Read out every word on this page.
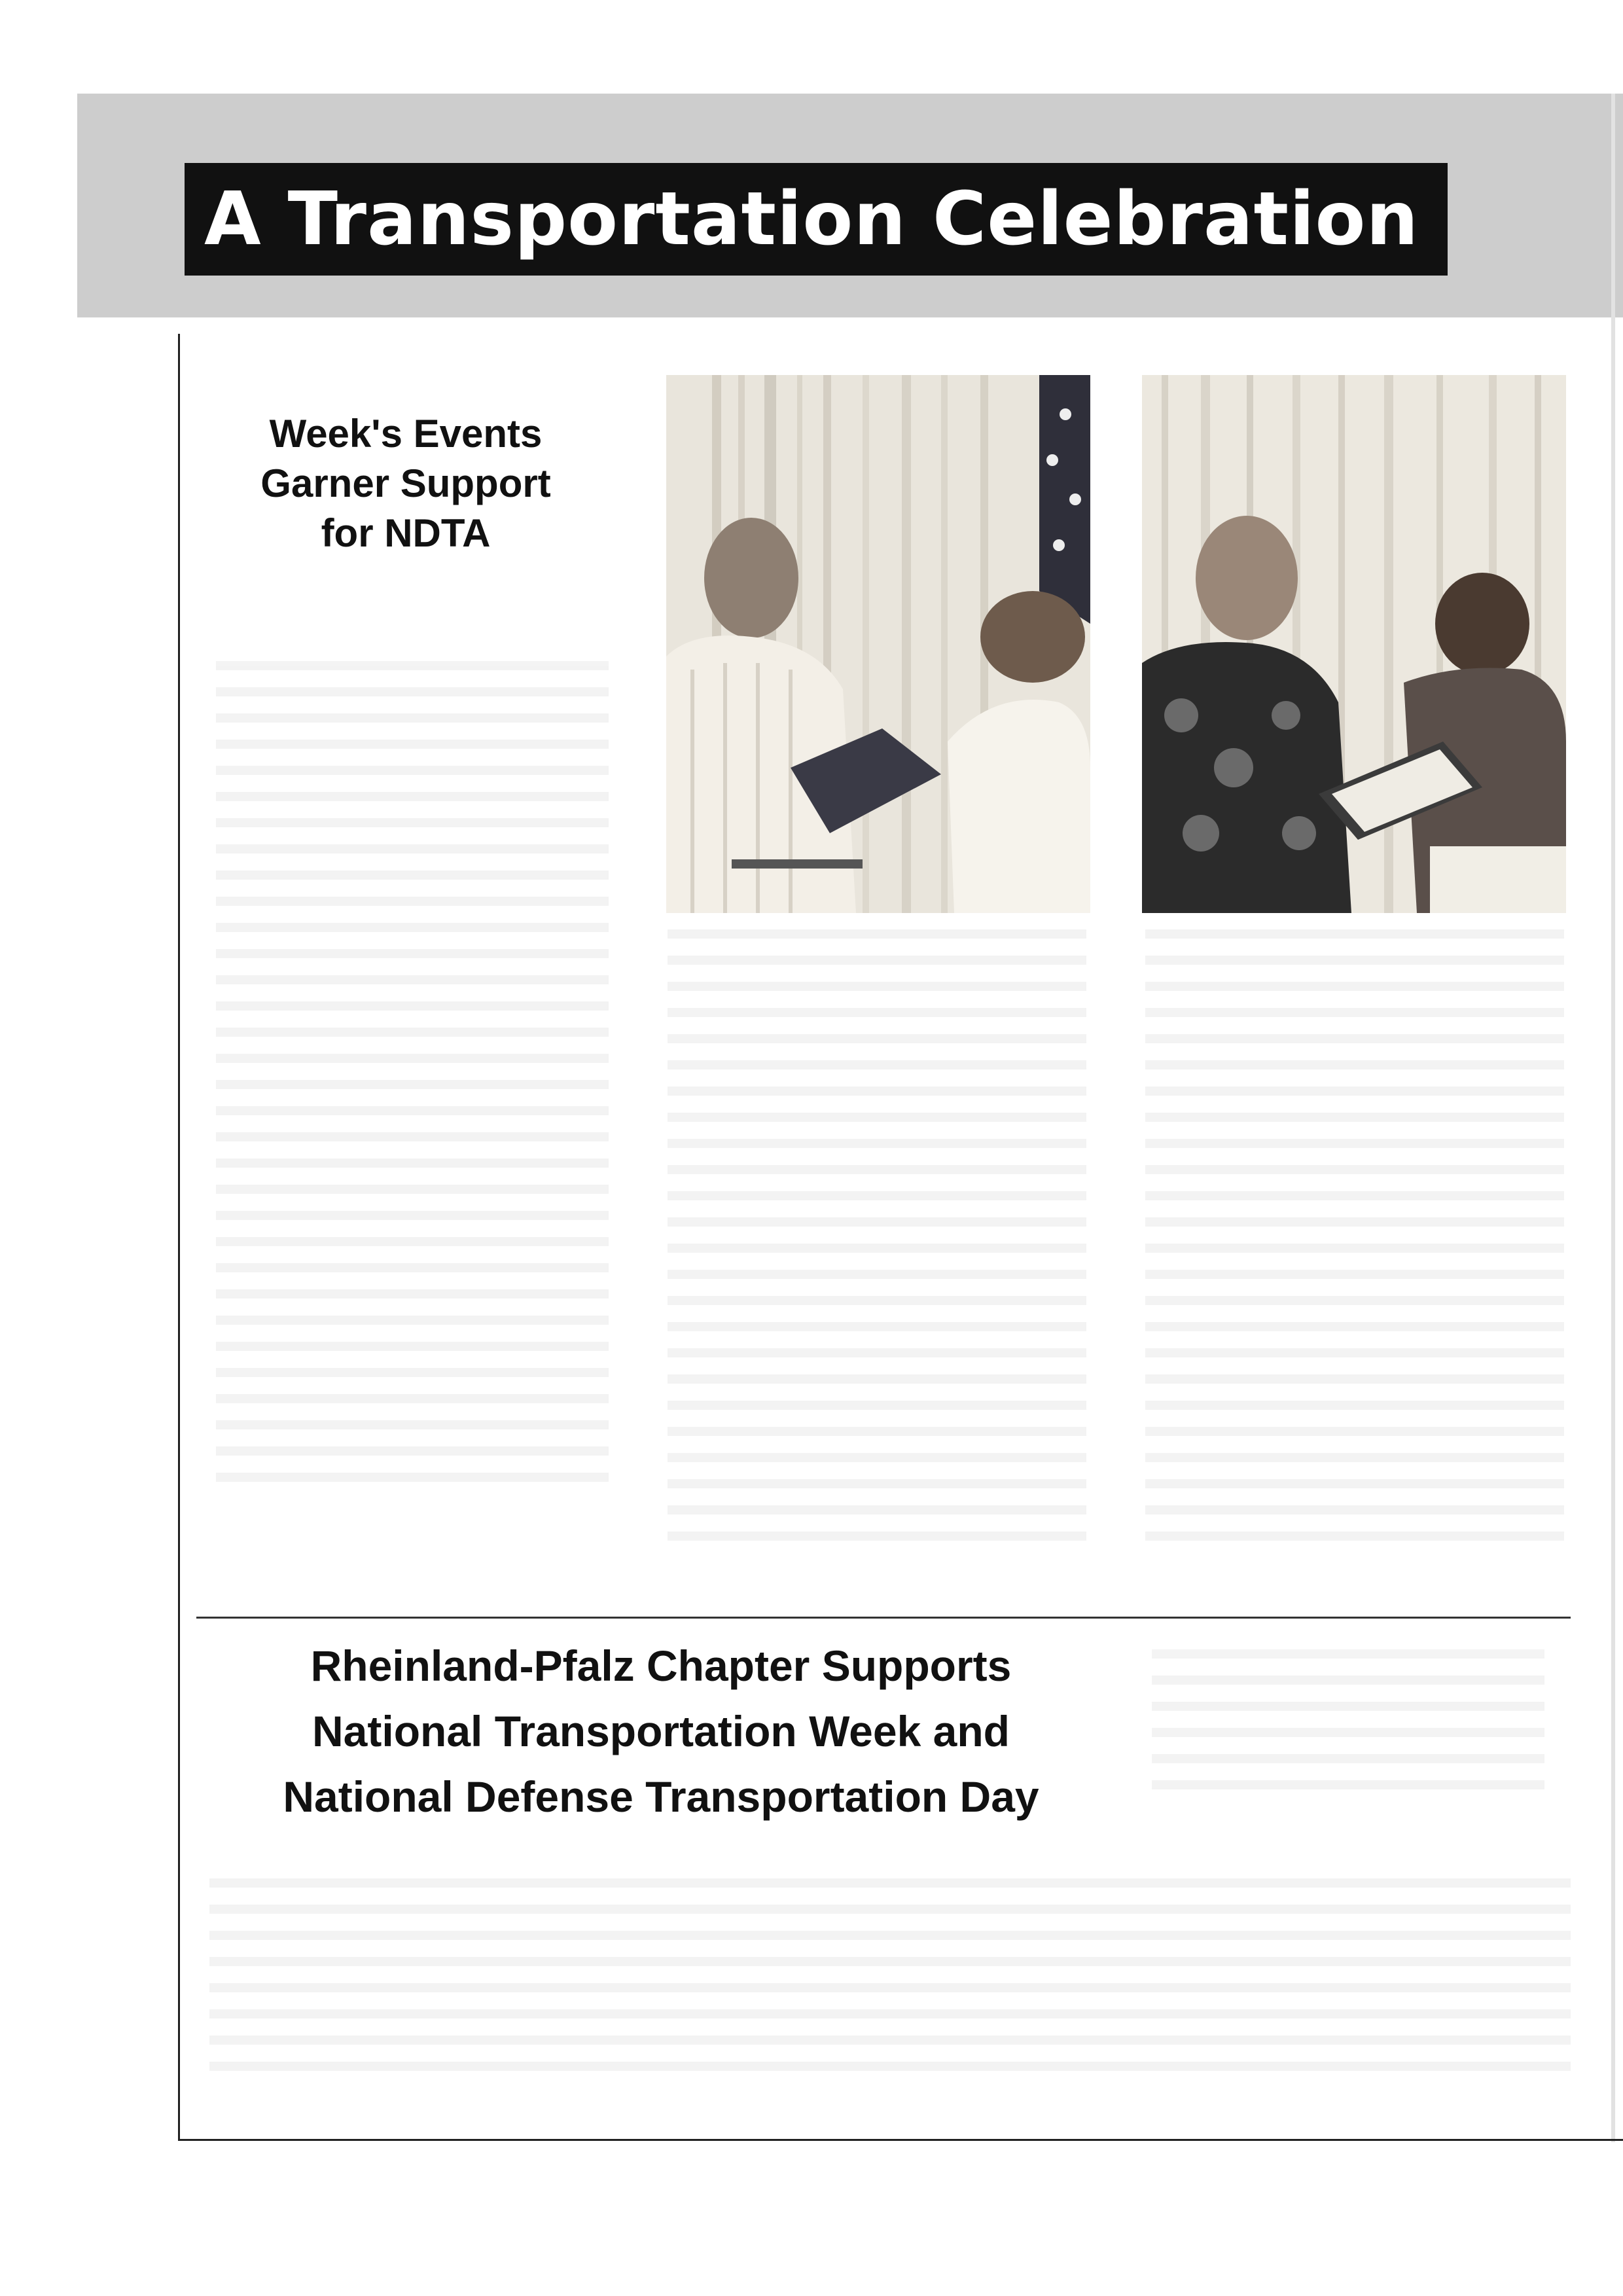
A Transportation Celebration
Week's Events
Garner Support
for NDTA
Rheinland-Pfalz Chapter Supports
National Transportation Week and
National Defense Transportation Day
